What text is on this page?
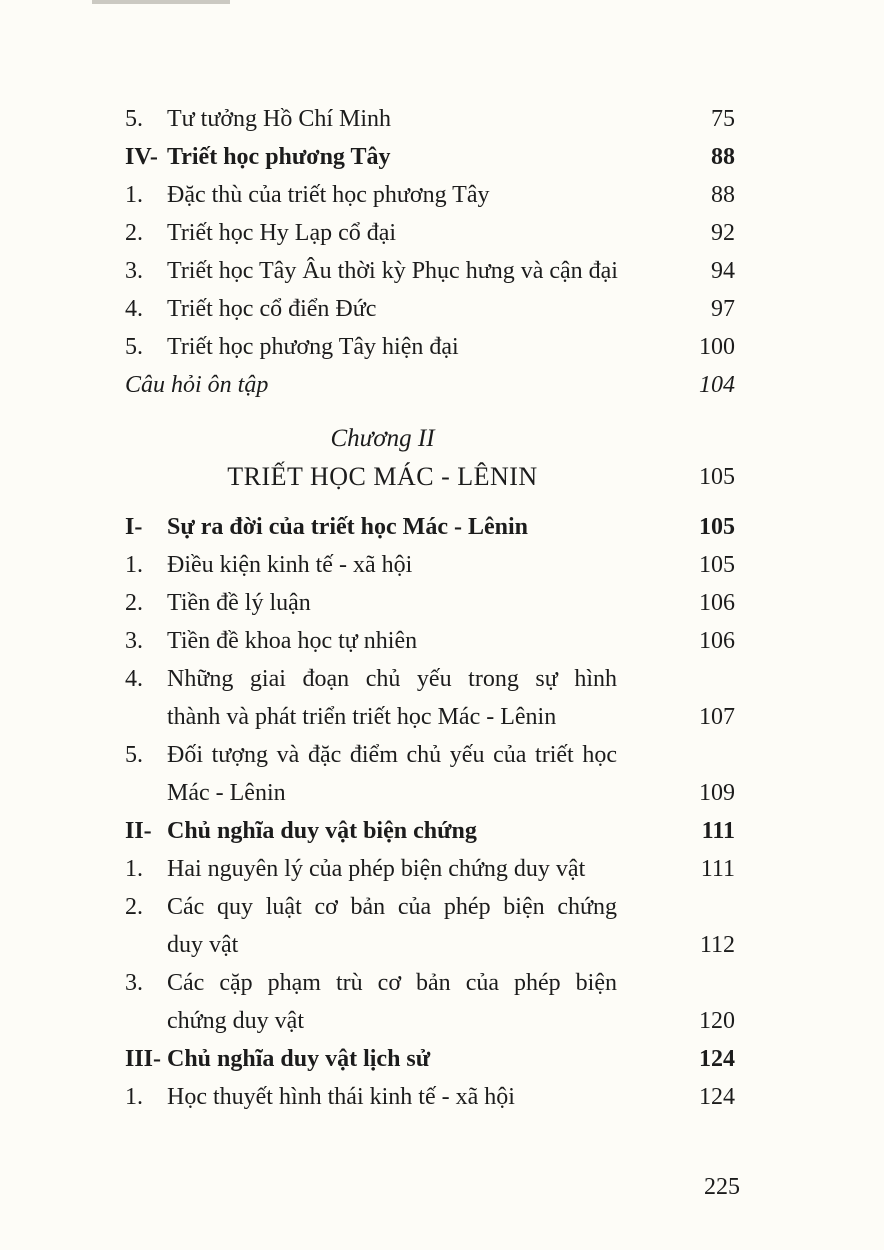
5.	Tư tưởng Hồ Chí Minh	75
IV- Triết học phương Tây	88
1.	Đặc thù của triết học phương Tây	88
2.	Triết học Hy Lạp cổ đại	92
3.	Triết học Tây Âu thời kỳ Phục hưng và cận đại	94
4.	Triết học cổ điển Đức	97
5.	Triết học phương Tây hiện đại	100
Câu hỏi ôn tập	104
Chương II
TRIẾT HỌC MÁC - LÊNIN	105
I-	Sự ra đời của triết học Mác - Lênin	105
1.	Điều kiện kinh tế - xã hội	105
2.	Tiền đề lý luận	106
3.	Tiền đề khoa học tự nhiên	106
4.	Những giai đoạn chủ yếu trong sự hình
thành và phát triển triết học Mác - Lênin	107
5.	Đối tượng và đặc điểm chủ yếu của triết học
Mác - Lênin	109
II- Chủ nghĩa duy vật biện chứng	111
1.	Hai nguyên lý của phép biện chứng duy vật	111
2.	Các quy luật cơ bản của phép biện chứng
duy vật	112
3.	Các cặp phạm trù cơ bản của phép biện
chứng duy vật	120
III- Chủ nghĩa duy vật lịch sử	124
1.	Học thuyết hình thái kinh tế - xã hội	124
225
